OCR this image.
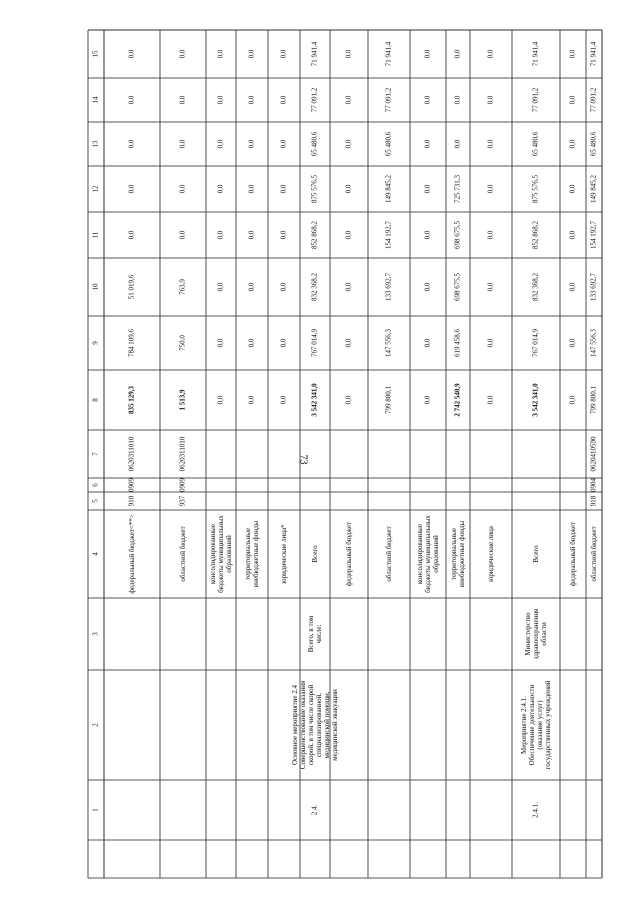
73
1
2
3
4
5
6
7
8
9
10
11
12
13
14
15
федеральный бюджет<**>
910
0909
0620311010
835 129,3
784 109,6
51 019,6
0,0
0,0
0,0
0,0
0,0
областной бюджет
937
0909
0620311010
1 513,9
750,0
763,9
0,0
0,0
0,0
0,0
0,0
консолидированныебюджеты муниципальныхобразований
0,0
0,0
0,0
0,0
0,0
0,0
0,0
0,0
территориальныевнебюджетные фонды
0,0
0,0
0,0
0,0
0,0
0,0
0,0
0,0
юридические лица*
0,0
0,0
0,0
0,0
0,0
0,0
0,0
0,0
2.4.
Основное мероприятие 2.4Совершенствование оказанияскорой, в том числе скоройспециализированной,медицинской помощи,медицинской эвакуации
Всего, в томчисле:
Всего
3 542 341,0
767 014,9
832 368,2
852 868,2
875 576,5
65 480,6
77 091,2
71 941,4
федеральный бюджет
0,0
0,0
0,0
0,0
0,0
0,0
0,0
0,0
областной бюджет
799 800,1
147 556,3
133 692,7
154 192,7
149 845,2
65 480,6
77 091,2
71 941,4
консолидированныебюджеты муниципальныхобразований
0,0
0,0
0,0
0,0
0,0
0,0
0,0
0,0
территориальныевнебюджетные фонды
2 742 540,9
619 458,6
698 675,5
698 675,5
725 731,3
0,0
0,0
0,0
юридические лица
0,0
0,0
0,0
0,0
0,0
0,0
0,0
0,0
2.4.1.
Мероприятие 2.4.1.Обеспечение деятельности(оказание услуг)государственных учреждений
Министерствоздравоохраненияобласти
Всего
3 542 341,0
767 014,9
832 368,2
852 868,2
875 576,5
65 480,6
77 091,2
71 941,4
федеральный бюджет
0,0
0,0
0,0
0,0
0,0
0,0
0,0
0,0
областной бюджет
918
0904
0620410590
799 800,1
147 556,3
133 692,7
154 192,7
149 845,2
65 480,6
77 091,2
71 941,4
